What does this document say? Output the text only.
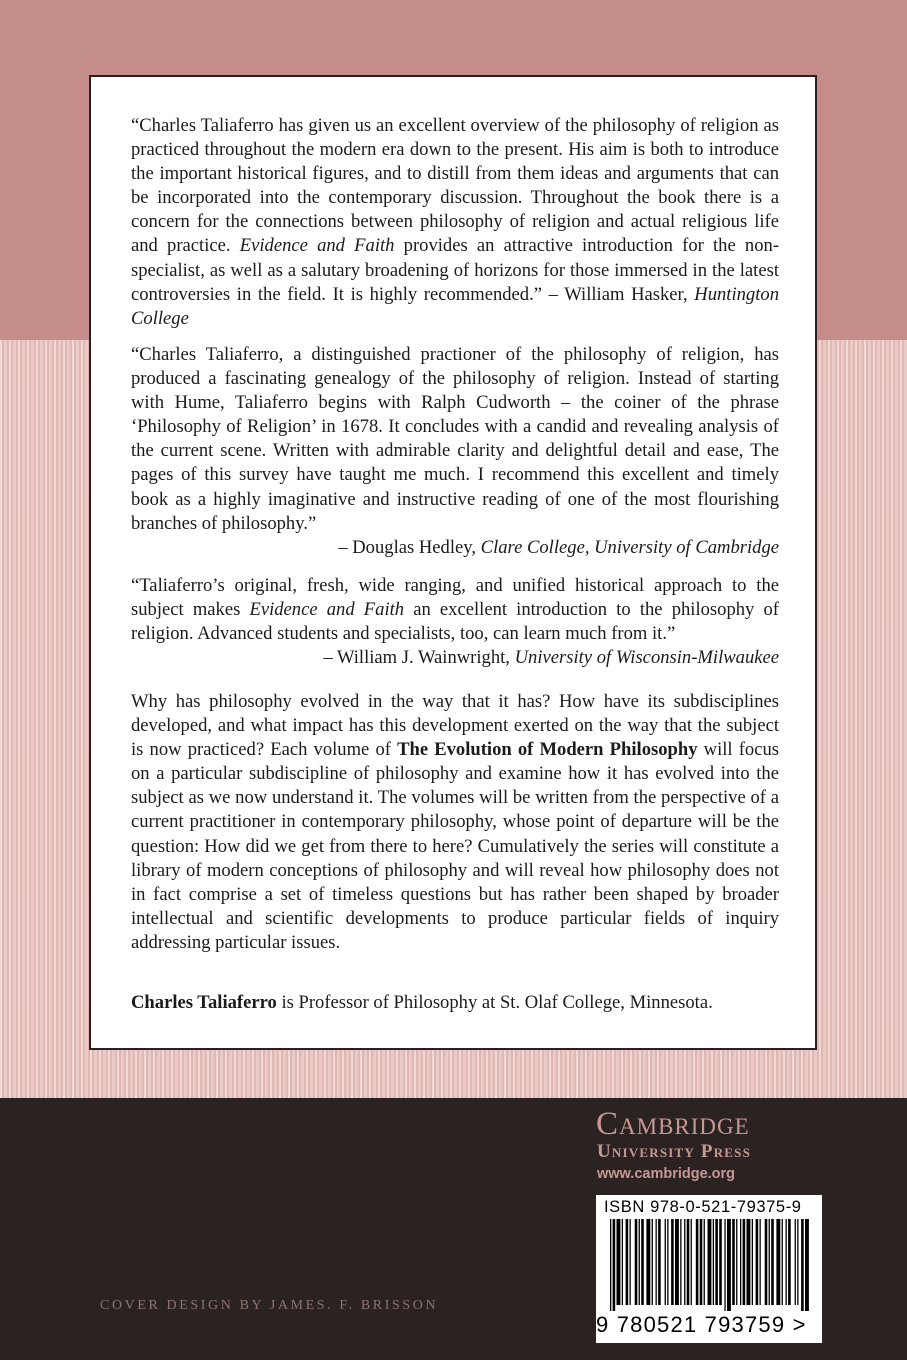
“Charles Taliaferro has given us an excellent overview of the philosophy of religion as practiced throughout the modern era down to the present. His aim is both to introduce the important historical figures, and to distill from them ideas and arguments that can be incorporated into the contemporary discussion. Throughout the book there is a concern for the connections between philosophy of religion and actual religious life and practice. Evidence and Faith provides an attractive introduction for the non-specialist, as well as a salutary broadening of horizons for those immersed in the latest controversies in the field. It is highly recommended.” – William Hasker, Huntington College

“Charles Taliaferro, a distinguished practioner of the philosophy of religion, has produced a fascinating genealogy of the philosophy of religion. Instead of starting with Hume, Taliaferro begins with Ralph Cudworth – the coiner of the phrase ‘Philosophy of Religion’ in 1678. It concludes with a candid and revealing analysis of the current scene. Written with admirable clarity and delightful detail and ease, The pages of this survey have taught me much. I recommend this excellent and timely book as a highly imaginative and instructive reading of one of the most flourishing branches of philosophy.”

– Douglas Hedley, Clare College, University of Cambridge

“Taliaferro’s original, fresh, wide ranging, and unified historical approach to the subject makes Evidence and Faith an excellent introduction to the philosophy of religion. Advanced students and specialists, too, can learn much from it.”

– William J. Wainwright, University of Wisconsin-Milwaukee

Why has philosophy evolved in the way that it has? How have its subdisciplines developed, and what impact has this development exerted on the way that the subject is now practiced? Each volume of The Evolution of Modern Philosophy will focus on a particular subdiscipline of philosophy and examine how it has evolved into the subject as we now understand it. The volumes will be written from the perspective of a current practitioner in contemporary philosophy, whose point of departure will be the question: How did we get from there to here? Cumulatively the series will constitute a library of modern conceptions of philosophy and will reveal how philosophy does not in fact comprise a set of timeless questions but has rather been shaped by broader intellectual and scientific developments to produce particular fields of inquiry addressing particular issues.

Charles Taliaferro is Professor of Philosophy at St. Olaf College, Minnesota.

Cambridge
University Press
www.cambridge.org
ISBN 978-0-521-79375-9
9 780521 793759 >
COVER DESIGN BY JAMES. F. BRISSON
